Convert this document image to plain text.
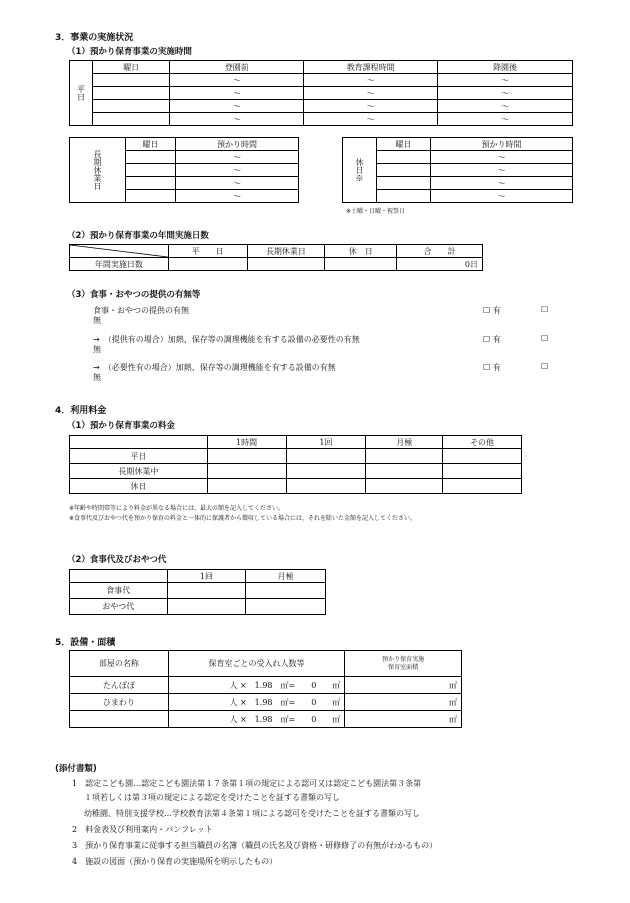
3．事業の実施状況
（1）預かり保育事業の実施時間
平日	曜日	登園前	教育課程時間	降園後
		～	～	～
		～	～	～
		～	～	～
		～	～	～
長期休業日	曜日	預かり時間
		～
		～
		～
		～
休日※	曜日	預かり時間
		～
		～
		～
		～
※土曜・日曜・祝祭日
（2）預かり保育事業の年間実施日数
	平　　日	長期休業日	休　日	合　　計
年間実施日数				0日
（3）食事・おやつの提供の有無等
食事・おやつの提供の有無	☐ 有	☐
無
→　（提供有の場合）加熱、保存等の調理機能を有する設備の必要性の有無	☐ 有	☐
無
→　（必要性有の場合）加熱、保存等の調理機能を有する設備の有無	☐ 有	☐
無
4．利用料金
（1）預かり保育事業の料金
	1時間	1回	月極	その他
平日				
長期休業中				
休日				
※年齢や時間帯等により料金が異なる場合には、最大の額を記入してください。
※食事代及びおやつ代を預かり保育の料金と一体的に保護者から徴収している場合には、それを除いた金額を記入してください。
（2）食事代及びおやつ代
	1回	月極
食事代		
おやつ代		
5．設備・面積
部屋の名称	保育室ごとの受入れ人数等	預かり保育実施
保育室面積
たんぽぽ	人 ×　1.98　㎡=　　0　　㎡	㎡
ひまわり	人 ×　1.98　㎡=　　0　　㎡	㎡
	人 ×　1.98　㎡=　　0　　㎡	㎡
(添付書類)
1　認定こども園…認定こども園法第１７条第１項の規定による認可又は認定こども園法第３条第
１項若しくは第３項の規定による認定を受けたことを証する書類の写し
幼稚園、特別支援学校…学校教育法第４条第１項による認可を受けたことを証する書類の写し
2　料金表及び利用案内・パンフレット
3　預かり保育事業に従事する担当職員の名簿（職員の氏名及び資格・研修修了の有無がわかるもの）
4　施設の図面（預かり保育の実施場所を明示したもの）
